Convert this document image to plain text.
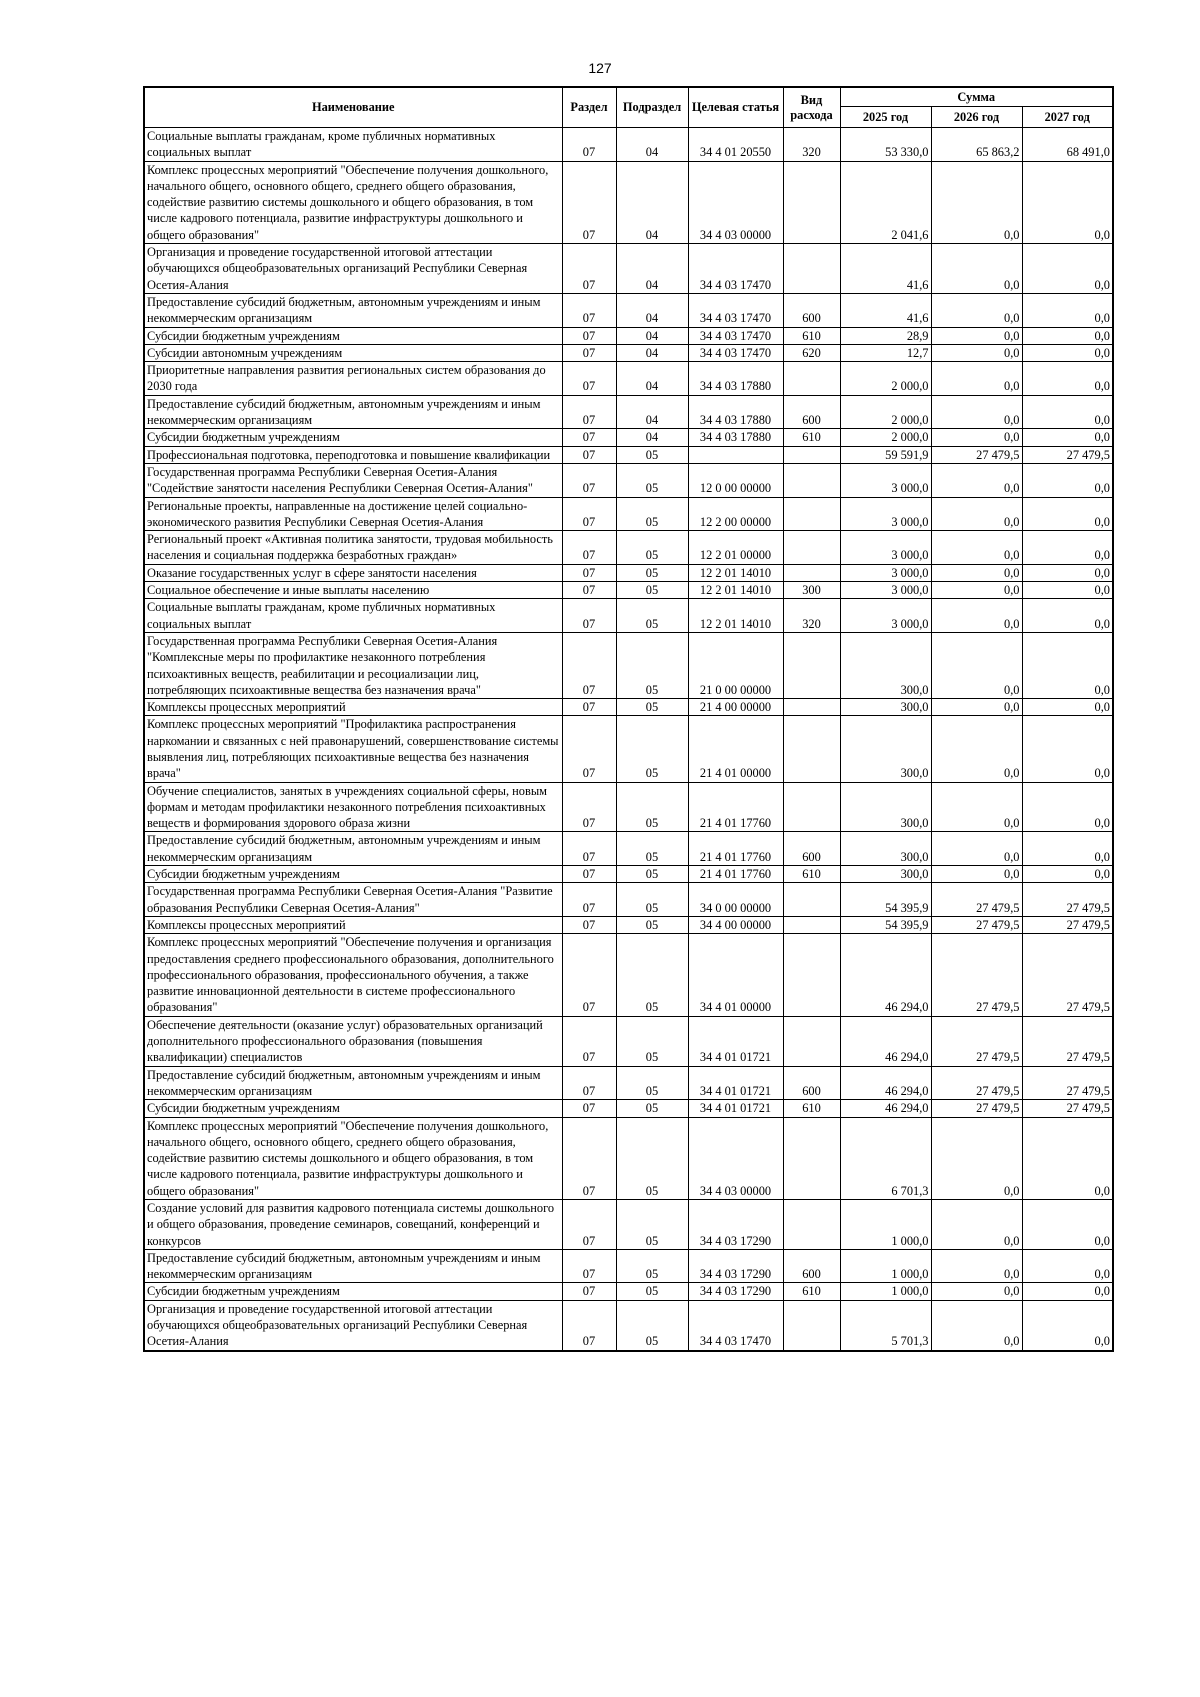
127
Наименование	Раздел	Подраздел	Целевая статья	Вид расхода	Сумма		
					2025 год	2026 год	2027 год
Социальные выплаты гражданам, кроме публичных нормативных социальных выплат	07	04	34 4 01 20550	320	53 330,0	65 863,2	68 491,0
Комплекс процессных мероприятий "Обеспечение получения дошкольного, начального общего, основного общего, среднего общего образования, содействие развитию системы дошкольного и общего образования, в том числе кадрового потенциала, развитие инфраструктуры дошкольного и общего образования"	07	04	34 4 03 00000		2 041,6	0,0	0,0
Организация и проведение государственной итоговой аттестации обучающихся общеобразовательных организаций Республики Северная Осетия-Алания	07	04	34 4 03 17470		41,6	0,0	0,0
Предоставление субсидий бюджетным, автономным учреждениям и иным некоммерческим организациям	07	04	34 4 03 17470	600	41,6	0,0	0,0
Субсидии бюджетным учреждениям	07	04	34 4 03 17470	610	28,9	0,0	0,0
Субсидии автономным учреждениям	07	04	34 4 03 17470	620	12,7	0,0	0,0
Приоритетные направления развития региональных систем образования до 2030 года	07	04	34 4 03 17880		2 000,0	0,0	0,0
Предоставление субсидий бюджетным, автономным учреждениям и иным некоммерческим организациям	07	04	34 4 03 17880	600	2 000,0	0,0	0,0
Субсидии бюджетным учреждениям	07	04	34 4 03 17880	610	2 000,0	0,0	0,0
Профессиональная подготовка, переподготовка и повышение квалификации	07	05			59 591,9	27 479,5	27 479,5
Государственная программа Республики Северная Осетия-Алания "Содействие занятости населения Республики Северная Осетия-Алания"	07	05	12 0 00 00000		3 000,0	0,0	0,0
Региональные проекты, направленные на достижение целей социально-экономического развития Республики Северная Осетия-Алания	07	05	12 2 00 00000		3 000,0	0,0	0,0
Региональный проект «Активная политика занятости, трудовая мобильность населения и социальная поддержка безработных граждан»	07	05	12 2 01 00000		3 000,0	0,0	0,0
Оказание государственных услуг в сфере занятости населения	07	05	12 2 01 14010		3 000,0	0,0	0,0
Социальное обеспечение и иные выплаты населению	07	05	12 2 01 14010	300	3 000,0	0,0	0,0
Социальные выплаты гражданам, кроме публичных нормативных социальных выплат	07	05	12 2 01 14010	320	3 000,0	0,0	0,0
Государственная программа Республики Северная Осетия-Алания "Комплексные меры по профилактике незаконного потребления психоактивных веществ, реабилитации и ресоциализации лиц, потребляющих психоактивные вещества без назначения врача"	07	05	21 0 00 00000		300,0	0,0	0,0
Комплексы процессных мероприятий	07	05	21 4 00 00000		300,0	0,0	0,0
Комплекс процессных мероприятий "Профилактика распространения наркомании и связанных с ней правонарушений, совершенствование системы выявления лиц, потребляющих психоактивные вещества без назначения врача"	07	05	21 4 01 00000		300,0	0,0	0,0
Обучение специалистов, занятых в учреждениях социальной сферы, новым формам и методам профилактики незаконного потребления психоактивных веществ и формирования здорового образа жизни	07	05	21 4 01 17760		300,0	0,0	0,0
Предоставление субсидий бюджетным, автономным учреждениям и иным некоммерческим организациям	07	05	21 4 01 17760	600	300,0	0,0	0,0
Субсидии бюджетным учреждениям	07	05	21 4 01 17760	610	300,0	0,0	0,0
Государственная программа Республики Северная Осетия-Алания "Развитие образования Республики Северная Осетия-Алания"	07	05	34 0 00 00000		54 395,9	27 479,5	27 479,5
Комплексы процессных мероприятий	07	05	34 4 00 00000		54 395,9	27 479,5	27 479,5
Комплекс процессных мероприятий "Обеспечение получения и организация предоставления среднего профессионального образования, дополнительного профессионального образования, профессионального обучения, а также развитие инновационной деятельности в системе профессионального образования"	07	05	34 4 01 00000		46 294,0	27 479,5	27 479,5
Обеспечение деятельности (оказание услуг) образовательных организаций дополнительного профессионального образования (повышения квалификации) специалистов	07	05	34 4 01 01721		46 294,0	27 479,5	27 479,5
Предоставление субсидий бюджетным, автономным учреждениям и иным некоммерческим организациям	07	05	34 4 01 01721	600	46 294,0	27 479,5	27 479,5
Субсидии бюджетным учреждениям	07	05	34 4 01 01721	610	46 294,0	27 479,5	27 479,5
Комплекс процессных мероприятий "Обеспечение получения дошкольного, начального общего, основного общего, среднего общего образования, содействие развитию системы дошкольного и общего образования, в том числе кадрового потенциала, развитие инфраструктуры дошкольного и общего образования"	07	05	34 4 03 00000		6 701,3	0,0	0,0
Создание условий для развития кадрового потенциала системы дошкольного и общего образования, проведение семинаров, совещаний, конференций и конкурсов	07	05	34 4 03 17290		1 000,0	0,0	0,0
Предоставление субсидий бюджетным, автономным учреждениям и иным некоммерческим организациям	07	05	34 4 03 17290	600	1 000,0	0,0	0,0
Субсидии бюджетным учреждениям	07	05	34 4 03 17290	610	1 000,0	0,0	0,0
Организация и проведение государственной итоговой аттестации обучающихся общеобразовательных организаций Республики Северная Осетия-Алания	07	05	34 4 03 17470		5 701,3	0,0	0,0
